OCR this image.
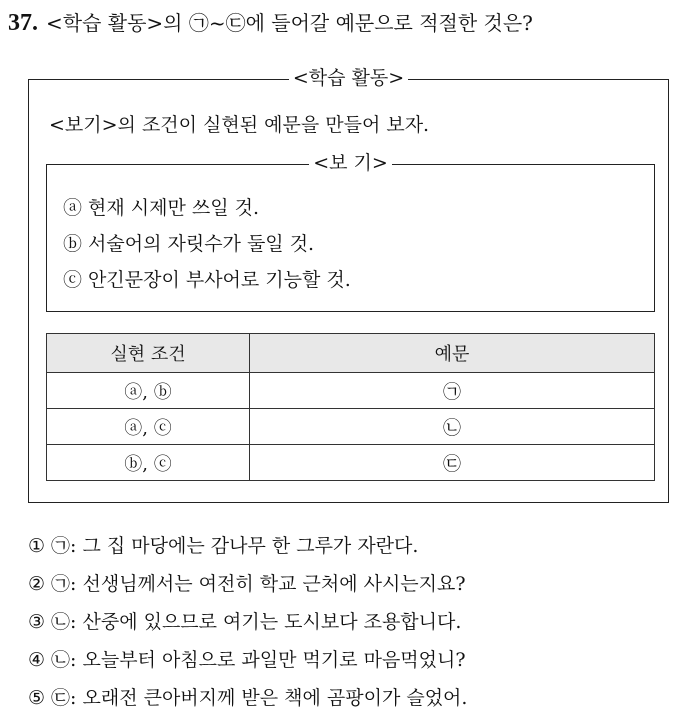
37. <학습 활동>의 ㉠~㉢에 들어갈 예문으로 적절한 것은?
<학습 활동>
<보기>의 조건이 실현된 예문을 만들어 보자.
<보 기>
ⓐ 현재 시제만 쓰일 것.
ⓑ 서술어의 자릿수가 둘일 것.
ⓒ 안긴문장이 부사어로 기능할 것.
실현 조건	예문
ⓐ, ⓑ	㉠
ⓐ, ⓒ	㉡
ⓑ, ⓒ	㉢
① ㉠: 그 집 마당에는 감나무 한 그루가 자란다.
② ㉠: 선생님께서는 여전히 학교 근처에 사시는지요?
③ ㉡: 산중에 있으므로 여기는 도시보다 조용합니다.
④ ㉡: 오늘부터 아침으로 과일만 먹기로 마음먹었니?
⑤ ㉢: 오래전 큰아버지께 받은 책에 곰팡이가 슬었어.
